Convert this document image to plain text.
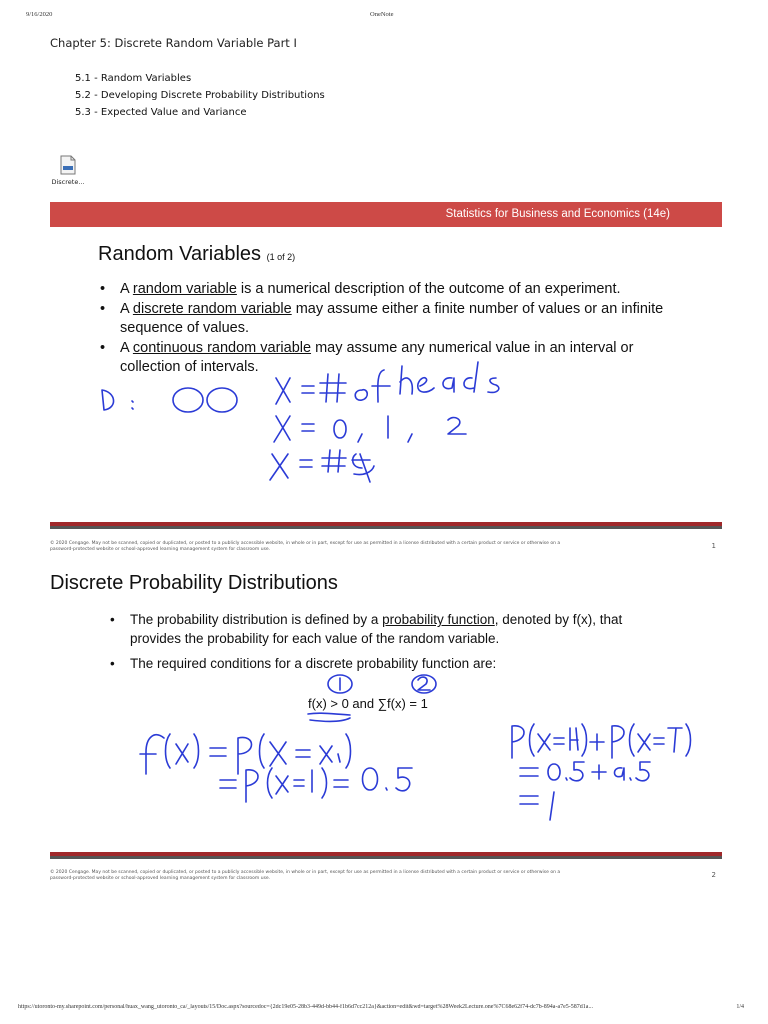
9/16/2020	OneNote
Chapter 5: Discrete Random Variable Part I
5.1 - Random Variables
5.2 - Developing Discrete Probability Distributions
5.3 - Expected Value and Variance
Discrete...
Statistics for Business and Economics (14e)
Random Variables (1 of 2)
• A random variable is a numerical description of the outcome of an experiment.
• A discrete random variable may assume either a finite number of values or an infinite sequence of values.
• A continuous random variable may assume any numerical value in an interval or collection of intervals.
© 2020 Cengage. May not be scanned, copied or duplicated, or posted to a publicly accessible website, in whole or in part, except for use as permitted in a license distributed with a certain product or service or otherwise on a password-protected website or school-approved learning management system for classroom use.	1
Discrete Probability Distributions
• The probability distribution is defined by a probability function, denoted by f(x), that provides the probability for each value of the random variable.
• The required conditions for a discrete probability function are:
f(x) > 0 and ∑f(x) = 1
© 2020 Cengage. May not be scanned, copied or duplicated, or posted to a publicly accessible website, in whole or in part, except for use as permitted in a license distributed with a certain product or service or otherwise on a password-protected website or school-approved learning management system for classroom use.	2
https://utoronto-my.sharepoint.com/personal/huax_wang_utoronto_ca/_layouts/15/Doc.aspx?sourcedoc={2dc19e05-28b3-449d-bb44-f1b6d7cc212a}&action=edit&wd=target%28Week2Lecture.one%7C68e62f74-dc7b-894a-a7e5-587d1a...	1/4
